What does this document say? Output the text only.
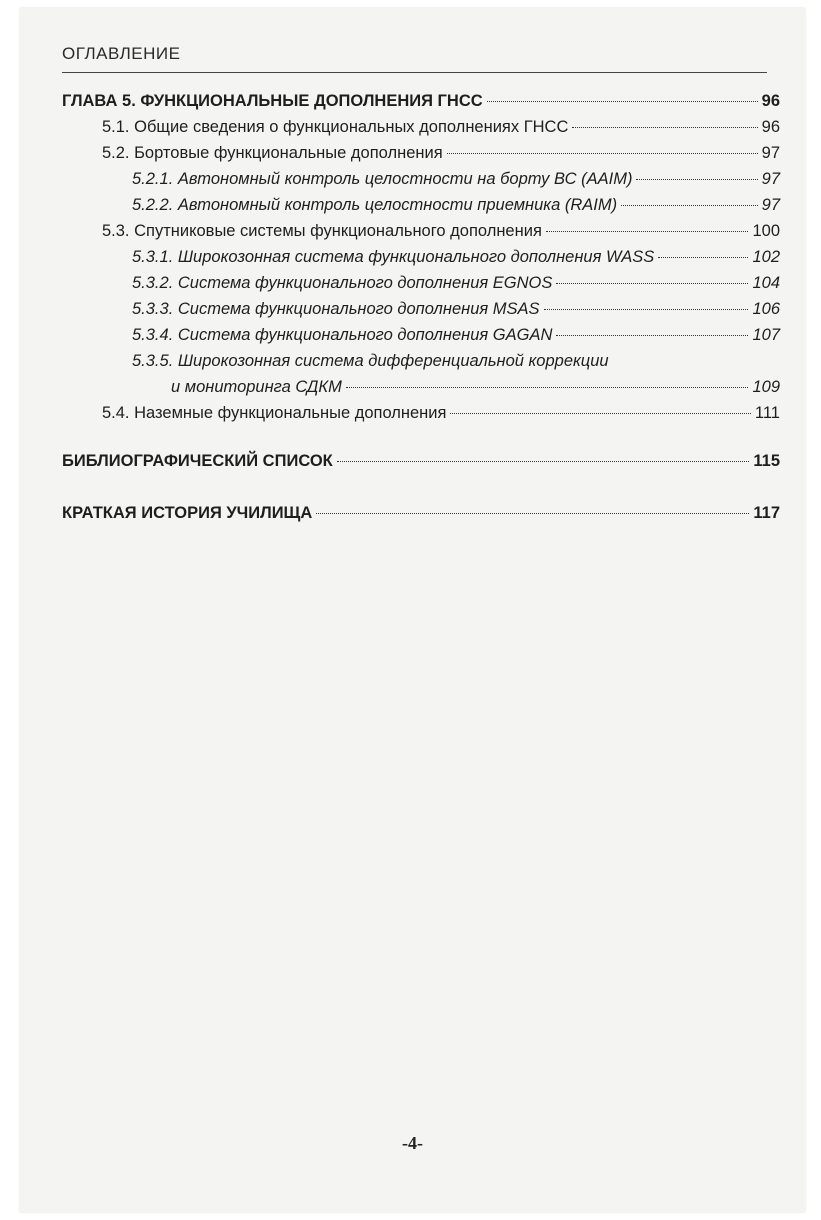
ОГЛАВЛЕНИЕ
ГЛАВА 5. ФУНКЦИОНАЛЬНЫЕ ДОПОЛНЕНИЯ ГНСС	96
5.1. Общие сведения о функциональных дополнениях ГНСС	96
5.2. Бортовые функциональные дополнения	97
5.2.1. Автономный контроль целостности на борту ВС (AAIM)	97
5.2.2. Автономный контроль целостности приемника (RAIM)	97
5.3. Спутниковые системы функционального дополнения	100
5.3.1. Широкозонная система функционального дополнения WASS	102
5.3.2. Система функционального дополнения EGNOS	104
5.3.3. Система функционального дополнения MSAS	106
5.3.4. Система функционального дополнения GAGAN	107
5.3.5. Широкозонная система дифференциальной коррекции
и мониторинга СДКМ	109
5.4. Наземные функциональные дополнения	111
БИБЛИОГРАФИЧЕСКИЙ СПИСОК	115
КРАТКАЯ ИСТОРИЯ УЧИЛИЩА	117
-4-
